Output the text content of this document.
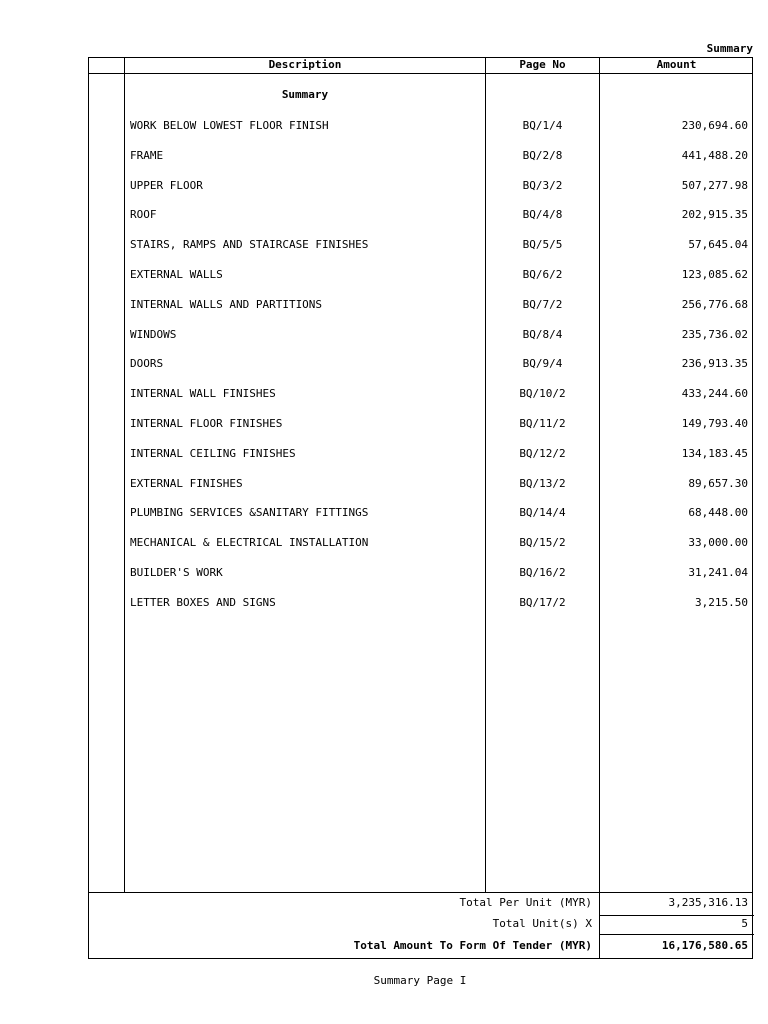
Summary
Description	Page No	Amount
Summary
WORK BELOW LOWEST FLOOR FINISH	BQ/1/4	230,694.60
FRAME	BQ/2/8	441,488.20
UPPER FLOOR	BQ/3/2	507,277.98
ROOF	BQ/4/8	202,915.35
STAIRS, RAMPS AND STAIRCASE FINISHES	BQ/5/5	57,645.04
EXTERNAL WALLS	BQ/6/2	123,085.62
INTERNAL WALLS AND PARTITIONS	BQ/7/2	256,776.68
WINDOWS	BQ/8/4	235,736.02
DOORS	BQ/9/4	236,913.35
INTERNAL WALL FINISHES	BQ/10/2	433,244.60
INTERNAL FLOOR FINISHES	BQ/11/2	149,793.40
INTERNAL CEILING FINISHES	BQ/12/2	134,183.45
EXTERNAL FINISHES	BQ/13/2	89,657.30
PLUMBING SERVICES &SANITARY FITTINGS	BQ/14/4	68,448.00
MECHANICAL & ELECTRICAL INSTALLATION	BQ/15/2	33,000.00
BUILDER'S WORK	BQ/16/2	31,241.04
LETTER BOXES AND SIGNS	BQ/17/2	3,215.50
Total Per Unit (MYR)	3,235,316.13
Total Unit(s) X	5
Total Amount To Form Of Tender (MYR)	16,176,580.65
Summary Page I
